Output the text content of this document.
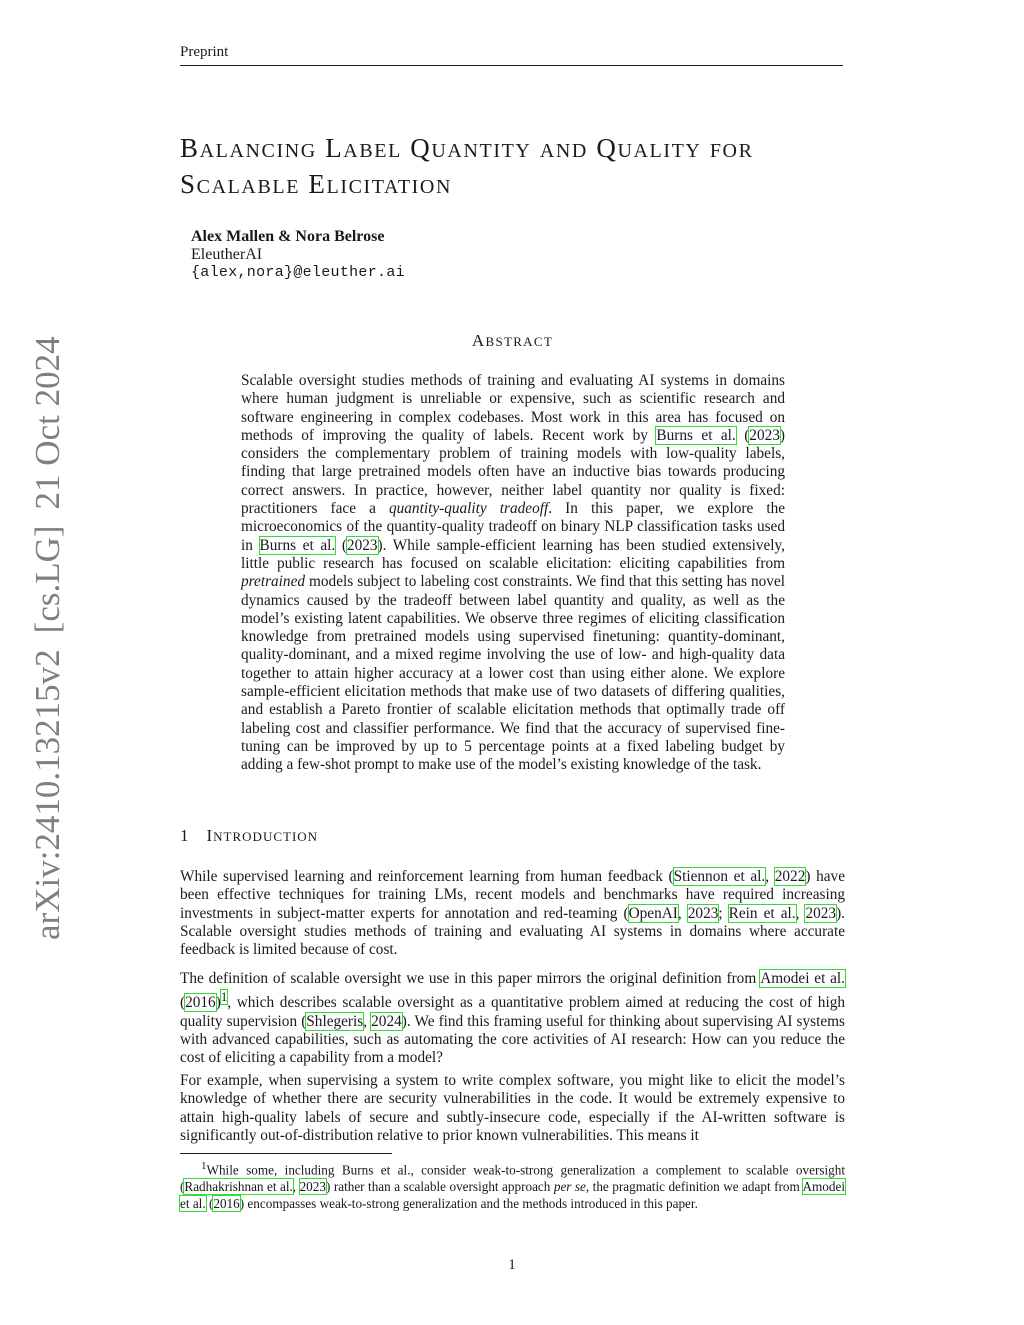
Preprint
BALANCING LABEL QUANTITY AND QUALITY FOR
SCALABLE ELICITATION
Alex Mallen & Nora Belrose
EleutherAI
{alex,nora}@eleuther.ai
ABSTRACT

Scalable oversight studies methods of training and evaluating AI systems in domains where human judgment is unreliable or expensive, such as scientific research and software engineering in complex codebases. Most work in this area has focused on methods of improving the quality of labels. Recent work by Burns et al. (2023) considers the complementary problem of training models with low-quality labels, finding that large pretrained models often have an inductive bias towards producing correct answers. In practice, however, neither label quantity nor quality is fixed: practitioners face a quantity-quality tradeoff. In this paper, we explore the microeconomics of the quantity-quality tradeoff on binary NLP classification tasks used in Burns et al. (2023). While sample-efficient learning has been studied extensively, little public research has focused on scalable elicitation: eliciting capabilities from pretrained models subject to labeling cost constraints. We find that this setting has novel dynamics caused by the tradeoff between label quantity and quality, as well as the model’s existing latent capabilities. We observe three regimes of eliciting classification knowledge from pretrained models using supervised finetuning: quantity-dominant, quality-dominant, and a mixed regime involving the use of low- and high-quality data together to attain higher accuracy at a lower cost than using either alone. We explore sample-efficient elicitation methods that make use of two datasets of differing qualities, and establish a Pareto frontier of scalable elicitation methods that optimally trade off labeling cost and classifier performance. We find that the accuracy of supervised fine-tuning can be improved by up to 5 percentage points at a fixed labeling budget by adding a few-shot prompt to make use of the model’s existing knowledge of the task.

1 INTRODUCTION

While supervised learning and reinforcement learning from human feedback (Stiennon et al., 2022) have been effective techniques for training LMs, recent models and benchmarks have required increasing investments in subject-matter experts for annotation and red-teaming (OpenAI, 2023; Rein et al., 2023). Scalable oversight studies methods of training and evaluating AI systems in domains where accurate feedback is limited because of cost.

The definition of scalable oversight we use in this paper mirrors the original definition from Amodei et al. $(2016)^1$, which describes scalable oversight as a quantitative problem aimed at reducing the cost of high quality supervision (Shlegeris, 2024). We find this framing useful for thinking about supervising AI systems with advanced capabilities, such as automating the core activities of AI research: How can you reduce the cost of eliciting a capability from a model?

For example, when supervising a system to write complex software, you might like to elicit the model’s knowledge of whether there are security vulnerabilities in the code. It would be extremely expensive to attain high-quality labels of secure and subtly-insecure code, especially if the AI-written software is significantly out-of-distribution relative to prior known vulnerabilities. This means it

$^1$While some, including Burns et al., consider weak-to-strong generalization a complement to scalable oversight (Radhakrishnan et al., 2023) rather than a scalable oversight approach per se, the pragmatic definition we adapt from Amodei et al. (2016) encompasses weak-to-strong generalization and the methods introduced in this paper.

1
arXiv:2410.13215v2
[cs.LG]
21 Oct 2024
